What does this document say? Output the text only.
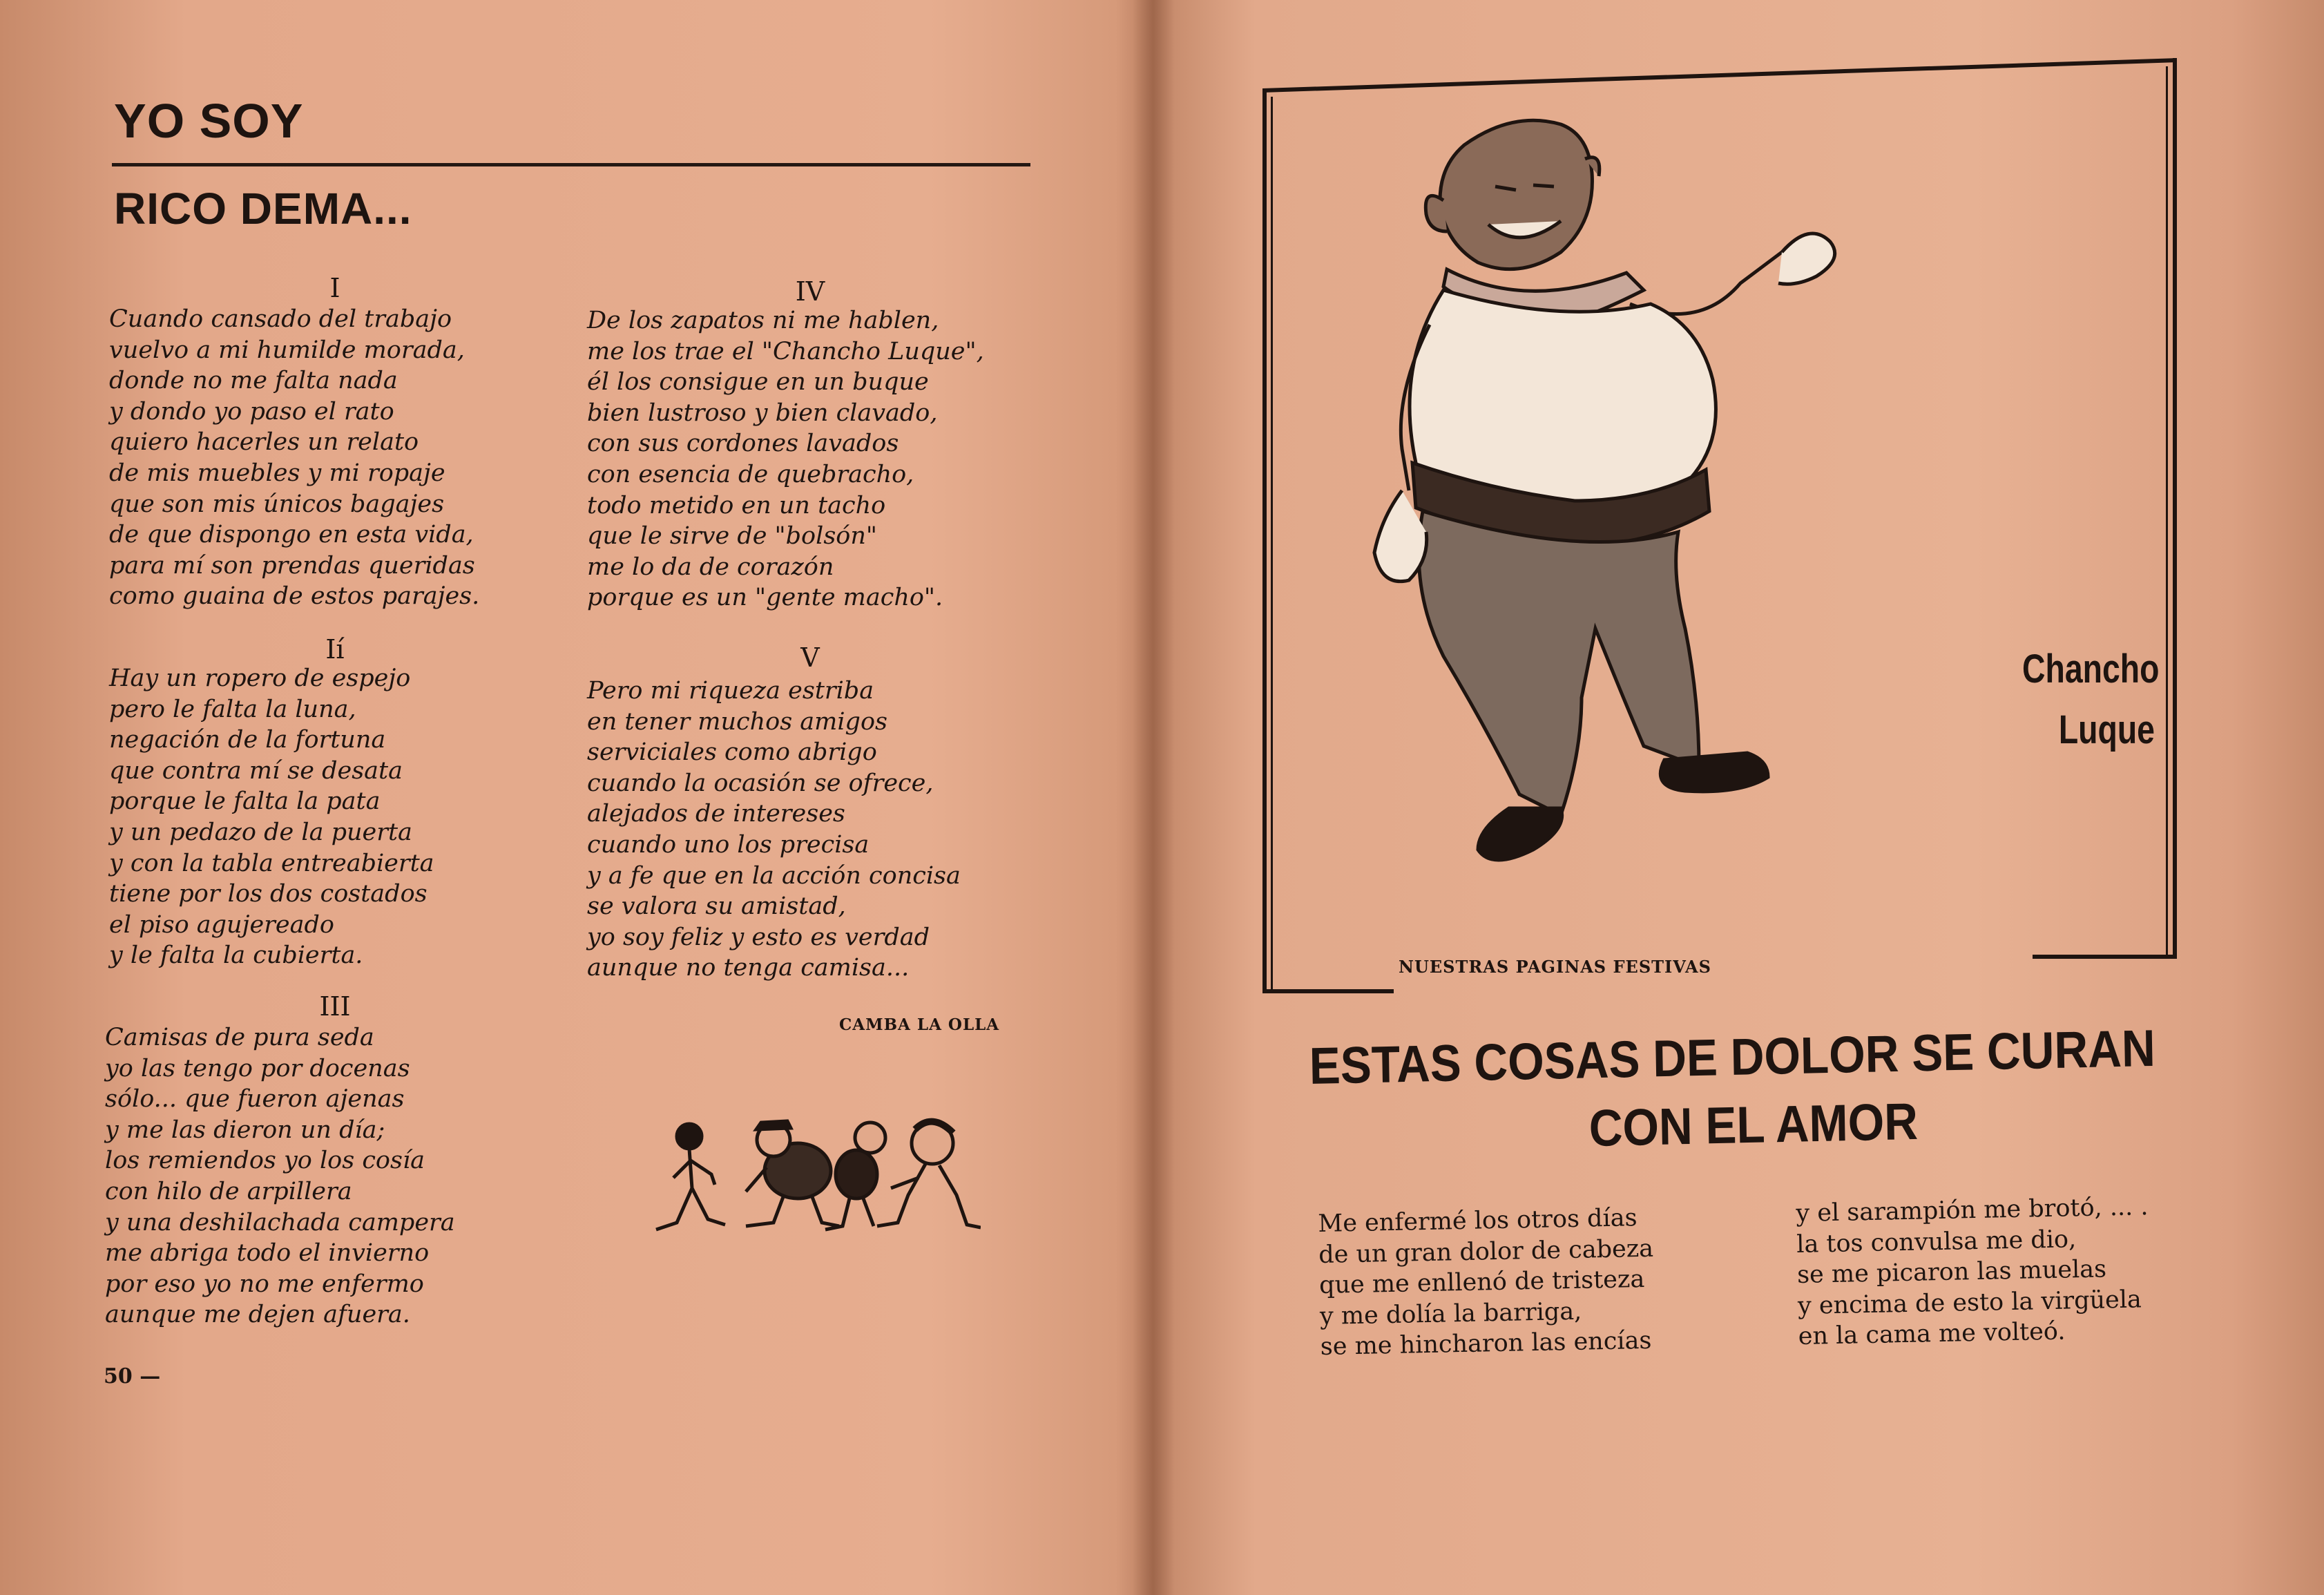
YO SOY
RICO DEMA...
I
Cuando cansado del trabajo
vuelvo a mi humilde morada,
donde no me falta nada
y dondo yo paso el rato
quiero hacerles un relato
de mis muebles y mi ropaje
que son mis únicos bagajes
de que dispongo en esta vida,
para mí son prendas queridas
como guaina de estos parajes.
Ií
Hay un ropero de espejo
pero le falta la luna,
negación de la fortuna
que contra mí se desata
porque le falta la pata
y un pedazo de la puerta
y con la tabla entreabierta
tiene por los dos costados
el piso agujereado
y le falta la cubierta.
III
Camisas de pura seda
yo las tengo por docenas
sólo... que fueron ajenas
y me las dieron un día;
los remiendos yo los cosía
con hilo de arpillera
y una deshilachada campera
me abriga todo el invierno
por eso yo no me enfermo
aunque me dejen afuera.
IV
De los zapatos ni me hablen,
me los trae el "Chancho Luque",
él los consigue en un buque
bien lustroso y bien clavado,
con sus cordones lavados
con esencia de quebracho,
todo metido en un tacho
que le sirve de "bolsón"
me lo da de corazón
porque es un "gente macho".
V
Pero mi riqueza estriba
en tener muchos amigos
serviciales como abrigo
cuando la ocasión se ofrece,
alejados de intereses
cuando uno los precisa
y a fe que en la acción concisa
se valora su amistad,
yo soy feliz y esto es verdad
aunque no tenga camisa...
CAMBA LA OLLA
50 —
Chancho
Luque
NUESTRAS PAGINAS FESTIVAS
ESTAS COSAS DE DOLOR SE CURAN
CON EL AMOR
Me enfermé los otros días
de un gran dolor de cabeza
que me enllenó de tristeza
y me dolía la barriga,
se me hincharon las encías
y el sarampión me brotó, ... .
la tos convulsa me dio,
se me picaron las muelas
y encima de esto la virgüela
en la cama me volteó.
